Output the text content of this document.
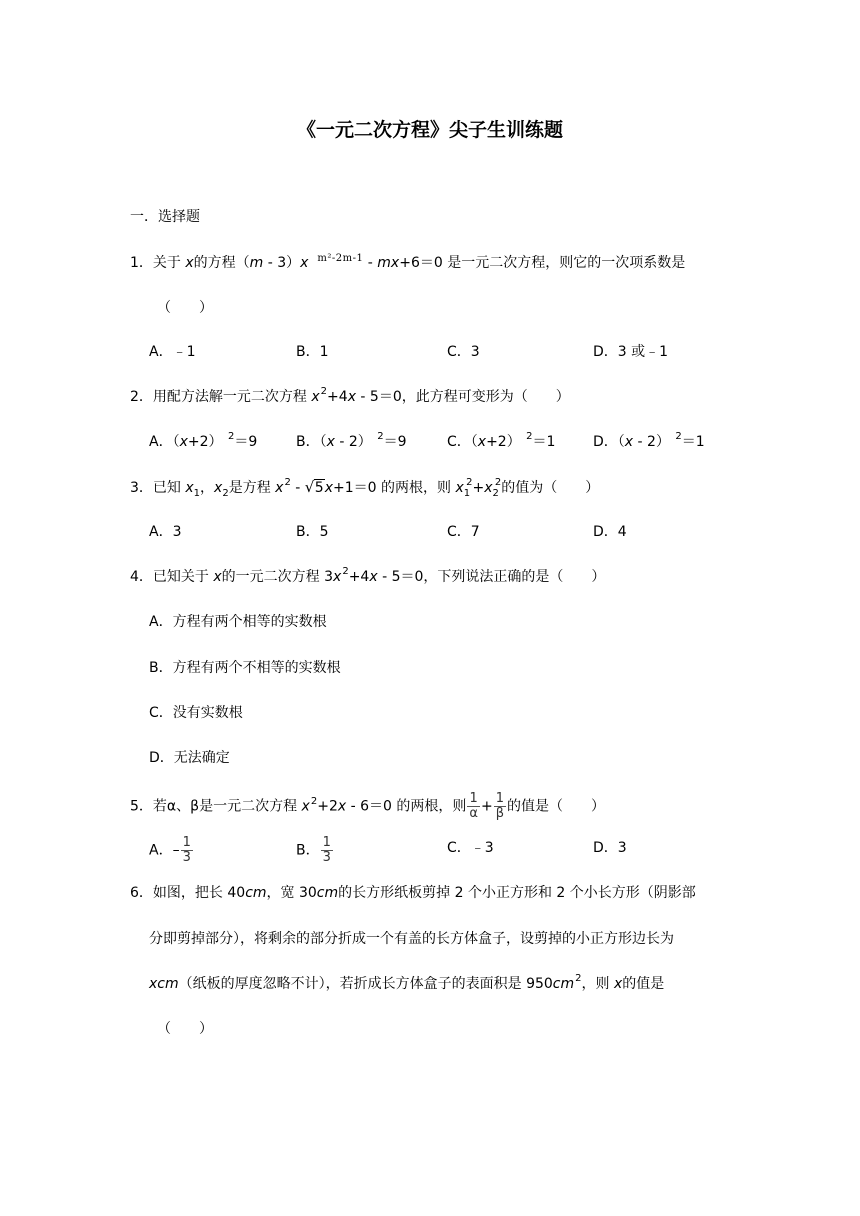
《一元二次方程》尖子生训练题
一．选择题
1．关于 x的方程（m - 3）x $^{m^2-2m-1}$ - mx+6＝0 是一元二次方程，则它的一次项系数是
（　　）
A．﹣1	B．1	C．3	D．3 或﹣1
2．用配方法解一元二次方程 $x^2+4x - 5=0$，此方程可变形为（　　）
A．（x+2） $^2$＝9	B．（x - 2） $^2$＝9	C．（x+2） $^2$＝1	D．（x - 2） $^2$＝1
3．已知 $x_1$，$x_2$是方程 $x^2$ - √ 5x+1＝0 的两根，则 $x_1^2+x_2^2$的值为（　　）
A．3	B．5	C．7	D．4
4．已知关于 x的一元二次方程 $3x^2+4x - 5=0$，下列说法正确的是（　　）
A．方程有两个相等的实数根
B．方程有两个不相等的实数根
C．没有实数根
D．无法确定
5．若α、β是一元二次方程 $x^2+2x - 6=0$ 的两根，则 $\frac{1}{\alpha} + \frac{1}{\beta}$ 的值是（　　）
A．– $\frac{1}{3}$	B． $\frac{1}{3}$	C．﹣3	D．3
6．如图，把长 40cm，宽 30cm的长方形纸板剪掉 2 个小正方形和 2 个小长方形（阴影部
分即剪掉部分），将剩余的部分折成一个有盖的长方体盒子，设剪掉的小正方形边长为
xcm（纸板的厚度忽略不计），若折成长方体盒子的表面积是 $950cm^2$，则 x的值是
（　　）
